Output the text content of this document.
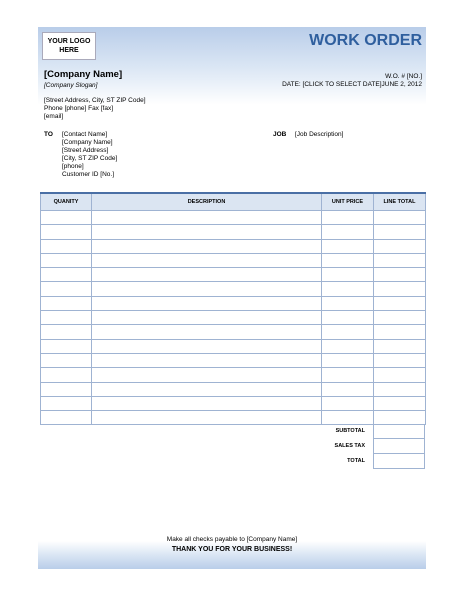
YOUR LOGO
HERE
WORK ORDER
[Company Name]
[Company Slogan]
W.O. # [NO.]
DATE: [CLICK TO SELECT DATE]JUNE 2, 2012
[Street Address, City, ST ZIP Code]
Phone [phone] Fax [fax]
[email]
TO [Contact Name]
[Company Name]
[Street Address]
[City, ST ZIP Code]
[phone]
Customer ID [No.]
JOB [Job Description]
QUANITY	DESCRIPTION	UNIT PRICE	LINE TOTAL

SUBTOTAL
SALES TAX
TOTAL
Make all checks payable to [Company Name]
THANK YOU FOR YOUR BUSINESS!
